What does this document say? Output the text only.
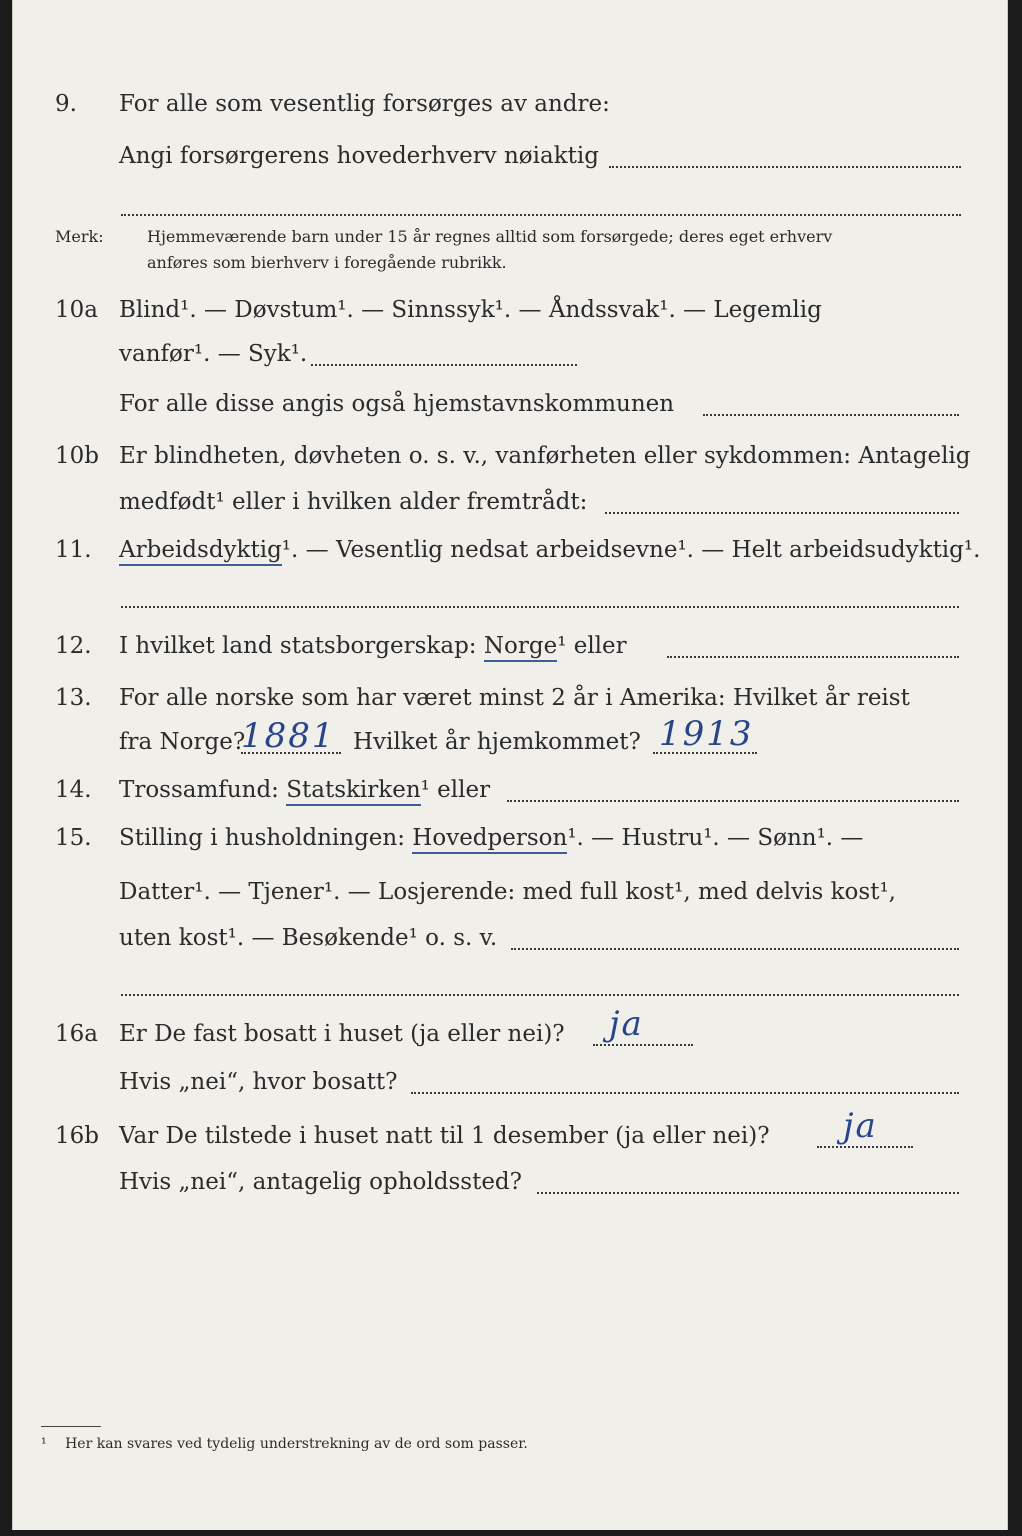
9. For alle som vesentlig forsørges av andre:
Angi forsørgerens hovederhverv nøiaktig
Merk:	Hjemmeværende barn under 15 år regnes alltid som forsørgede; deres eget erhverv
anføres som bierhverv i foregående rubrikk.
10a Blind¹. — Døvstum¹. — Sinnssyk¹. — Åndssvak¹. — Legemlig
vanfør¹. — Syk¹.
For alle disse angis også hjemstavnskommunen
10b Er blindheten, døvheten o. s. v., vanførheten eller sykdommen: Antagelig
medfødt¹ eller i hvilken alder fremtrådt:
11. Arbeidsdyktig¹. — Vesentlig nedsat arbeidsevne¹. — Helt arbeidsudyktig¹.
12. I hvilket land statsborgerskap: Norge¹ eller
13. For alle norske som har været minst 2 år i Amerika: Hvilket år reist
fra Norge?
1881 Hvilket år hjemkommet? 1913
14. Trossamfund: Statskirken¹ eller
15. Stilling i husholdningen: Hovedperson¹. — Hustru¹. — Sønn¹. —
Datter¹. — Tjener¹. — Losjerende: med full kost¹, med delvis kost¹,
uten kost¹. — Besøkende¹ o. s. v.
16a Er De fast bosatt i huset (ja eller nei)? ja
Hvis „nei“, hvor bosatt?
16b Var De tilstede i huset natt til 1 desember (ja eller nei)? ja
Hvis „nei“, antagelig opholdssted?
¹ Her kan svares ved tydelig understrekning av de ord som passer.
